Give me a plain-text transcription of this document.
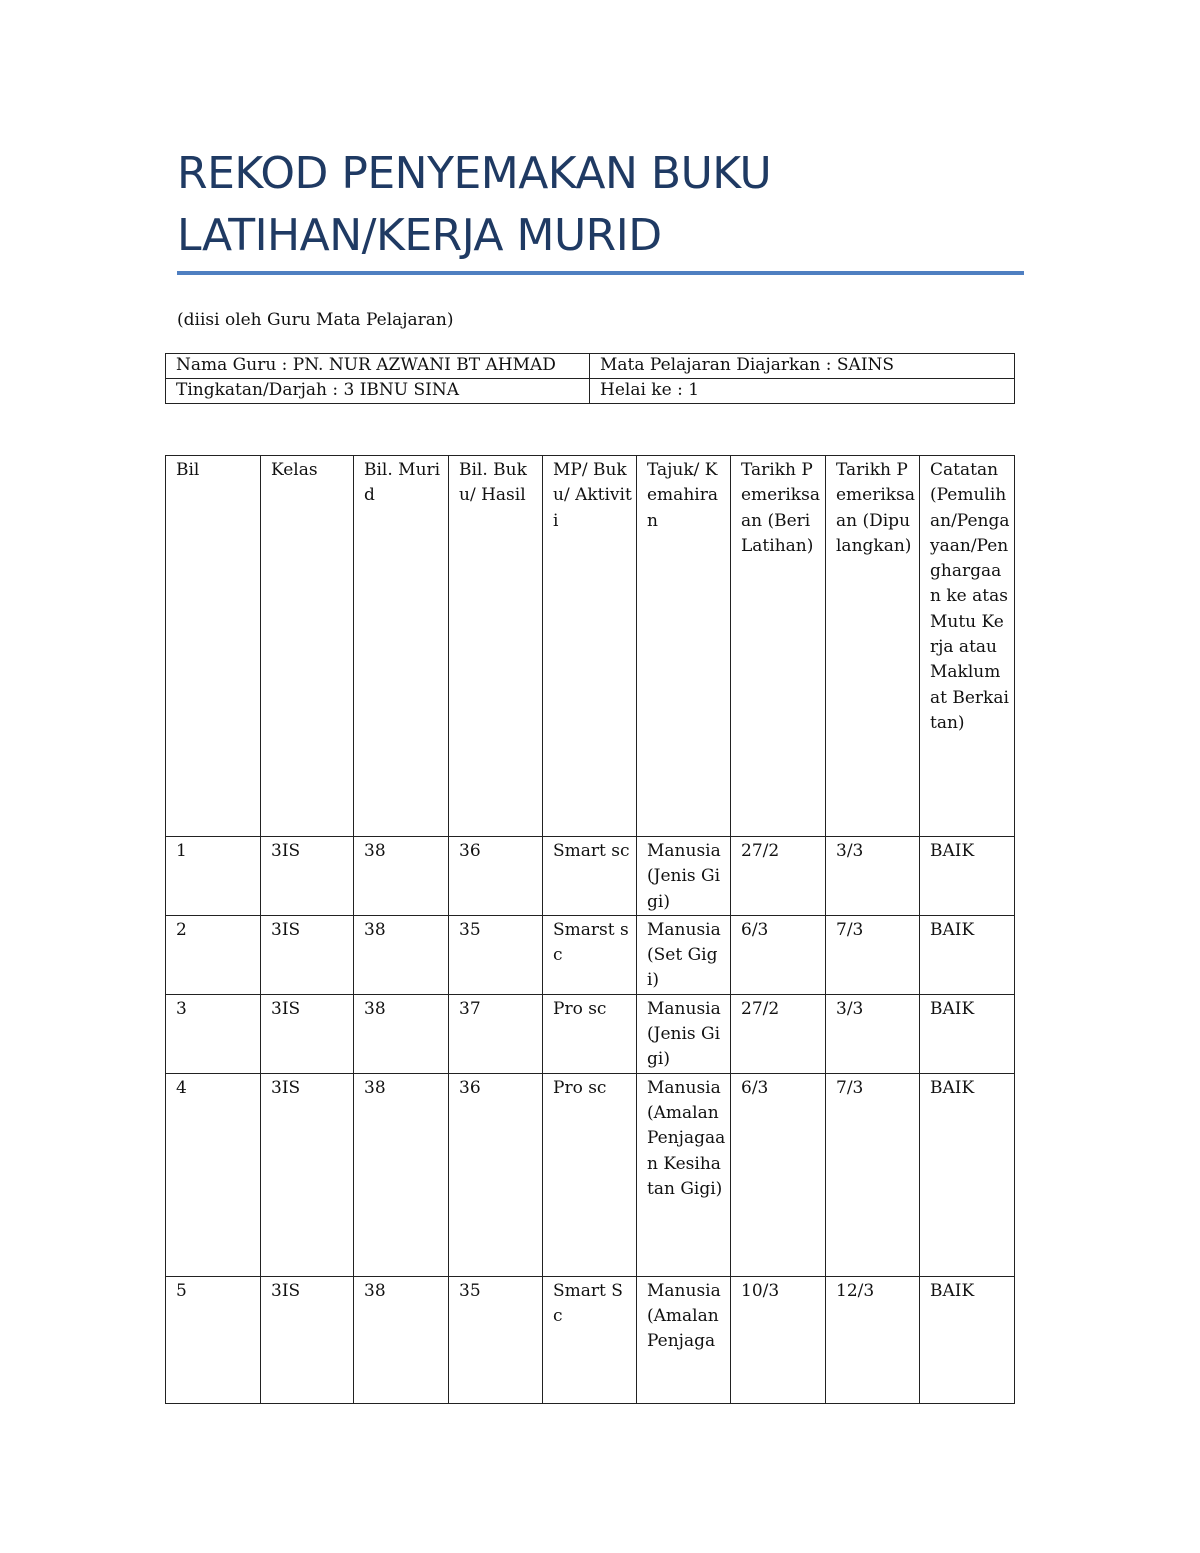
REKOD PENYEMAKAN BUKU
LATIHAN/KERJA MURID
(diisi oleh Guru Mata Pelajaran)
Nama Guru : PN. NUR AZWANI BT AHMAD	Mata Pelajaran Diajarkan : SAINS
Tingkatan/Darjah : 3 IBNU SINA	Helai ke : 1
Bil	Kelas	Bil. Murid	Bil. Buku/ Hasil	MP/ Buku/ Aktiviti	Tajuk/ Kemahiran	Tarikh Pemeriksaan (Beri Latihan)	Tarikh Pemeriksaan (Dipulangkan)	Catatan (Pemulihan/Pengayaan/Penghargaan ke atas Mutu Kerja atau Maklumat Berkaitan)
1	3IS	38	36	Smart sc	Manusia (Jenis Gigi)	27/2	3/3	BAIK
2	3IS	38	35	Smarst sc	Manusia (Set Gigi)	6/3	7/3	BAIK
3	3IS	38	37	Pro sc	Manusia (Jenis Gigi)	27/2	3/3	BAIK
4	3IS	38	36	Pro sc	Manusia (Amalan Penjagaan Kesihatan Gigi)	6/3	7/3	BAIK
5	3IS	38	35	Smart Sc	Manusia (Amalan Penjaga	10/3	12/3	BAIK
